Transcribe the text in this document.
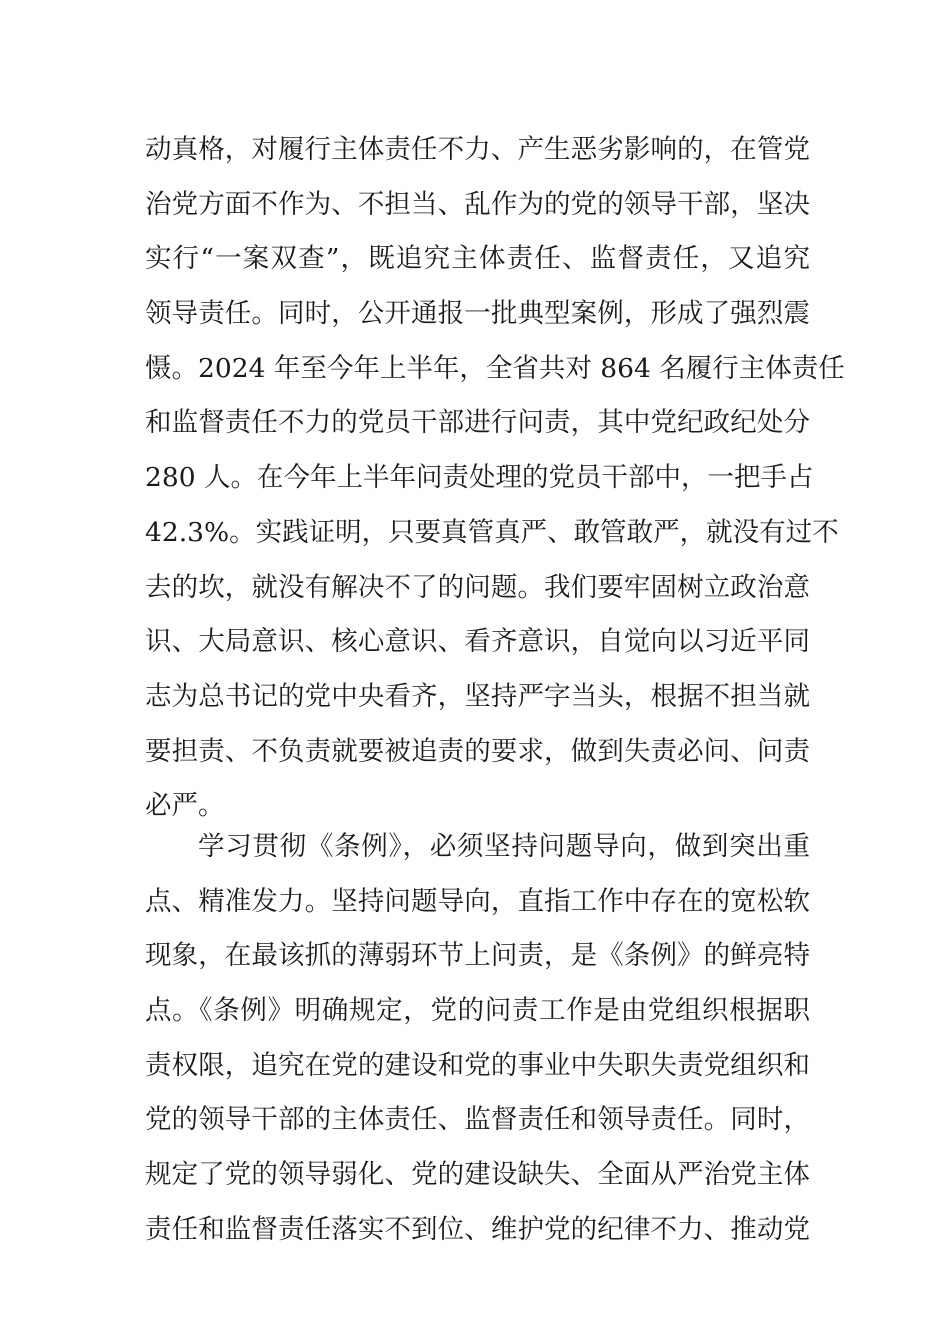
动真格，对履行主体责任不力、产生恶劣影响的，在管党
治党方面不作为、不担当、乱作为的党的领导干部，坚决
实行“一案双查”，既追究主体责任、监督责任，又追究
领导责任。同时，公开通报一批典型案例，形成了强烈震
慑。2024 年至今年上半年，全省共对 864 名履行主体责任
和监督责任不力的党员干部进行问责，其中党纪政纪处分
280 人。在今年上半年问责处理的党员干部中，一把手占
42.3%。实践证明，只要真管真严、敢管敢严，就没有过不
去的坎，就没有解决不了的问题。我们要牢固树立政治意
识、大局意识、核心意识、看齐意识，自觉向以习近平同
志为总书记的党中央看齐，坚持严字当头，根据不担当就
要担责、不负责就要被追责的要求，做到失责必问、问责
必严。
学习贯彻《条例》，必须坚持问题导向，做到突出重
点、精准发力。坚持问题导向，直指工作中存在的宽松软
现象，在最该抓的薄弱环节上问责，是《条例》的鲜亮特
点。《条例》明确规定，党的问责工作是由党组织根据职
责权限，追究在党的建设和党的事业中失职失责党组织和
党的领导干部的主体责任、监督责任和领导责任。同时，
规定了党的领导弱化、党的建设缺失、全面从严治党主体
责任和监督责任落实不到位、维护党的纪律不力、推动党
